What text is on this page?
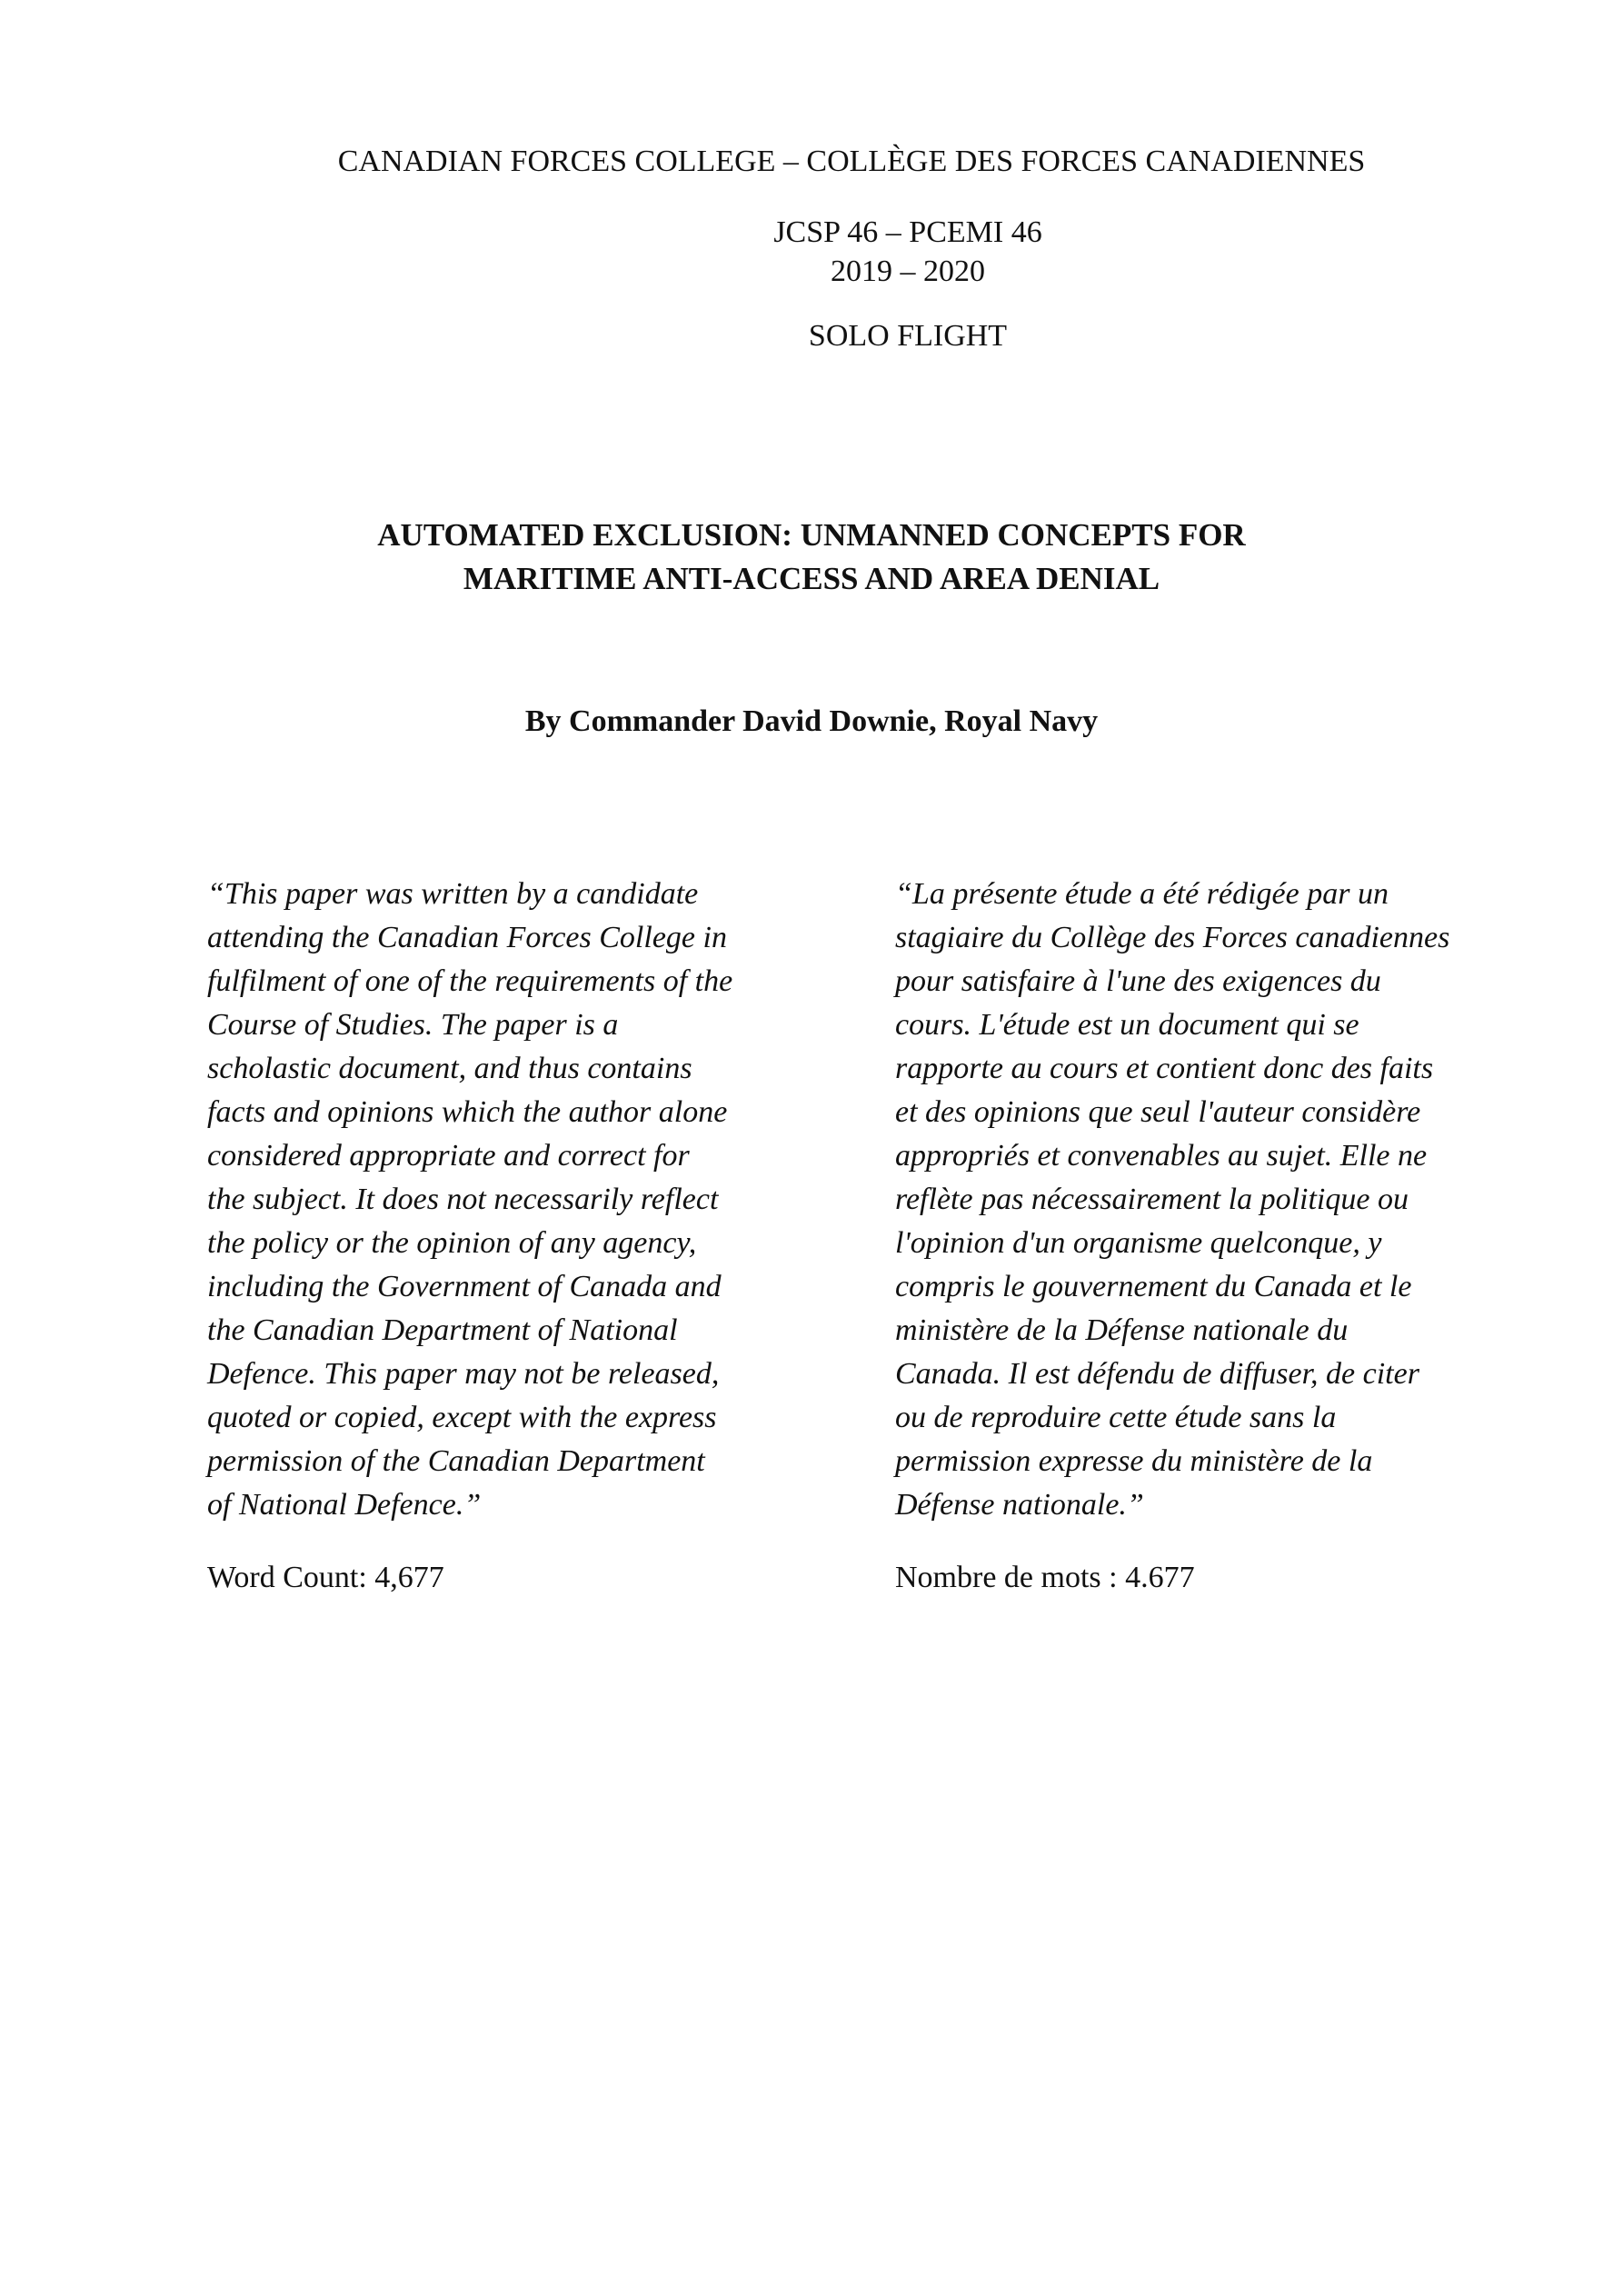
CANADIAN FORCES COLLEGE – COLLÈGE DES FORCES CANADIENNES
JCSP 46 – PCEMI 46
2019 – 2020
SOLO FLIGHT
AUTOMATED EXCLUSION: UNMANNED CONCEPTS FOR
MARITIME ANTI-ACCESS AND AREA DENIAL
By Commander David Downie, Royal Navy
“This paper was written by a candidate
attending the Canadian Forces College in
fulfilment of one of the requirements of the
Course of Studies. The paper is a
scholastic document, and thus contains
facts and opinions which the author alone
considered appropriate and correct for
the subject. It does not necessarily reflect
the policy or the opinion of any agency,
including the Government of Canada and
the Canadian Department of National
Defence. This paper may not be released,
quoted or copied, except with the express
permission of the Canadian Department
of National Defence.”
“La présente étude a été rédigée par un
stagiaire du Collège des Forces canadiennes
pour satisfaire à l'une des exigences du
cours. L'étude est un document qui se
rapporte au cours et contient donc des faits
et des opinions que seul l'auteur considère
appropriés et convenables au sujet. Elle ne
reflète pas nécessairement la politique ou
l'opinion d'un organisme quelconque, y
compris le gouvernement du Canada et le
ministère de la Défense nationale du
Canada. Il est défendu de diffuser, de citer
ou de reproduire cette étude sans la
permission expresse du ministère de la
Défense nationale.”
Word Count: 4,677	Nombre de mots : 4.677
